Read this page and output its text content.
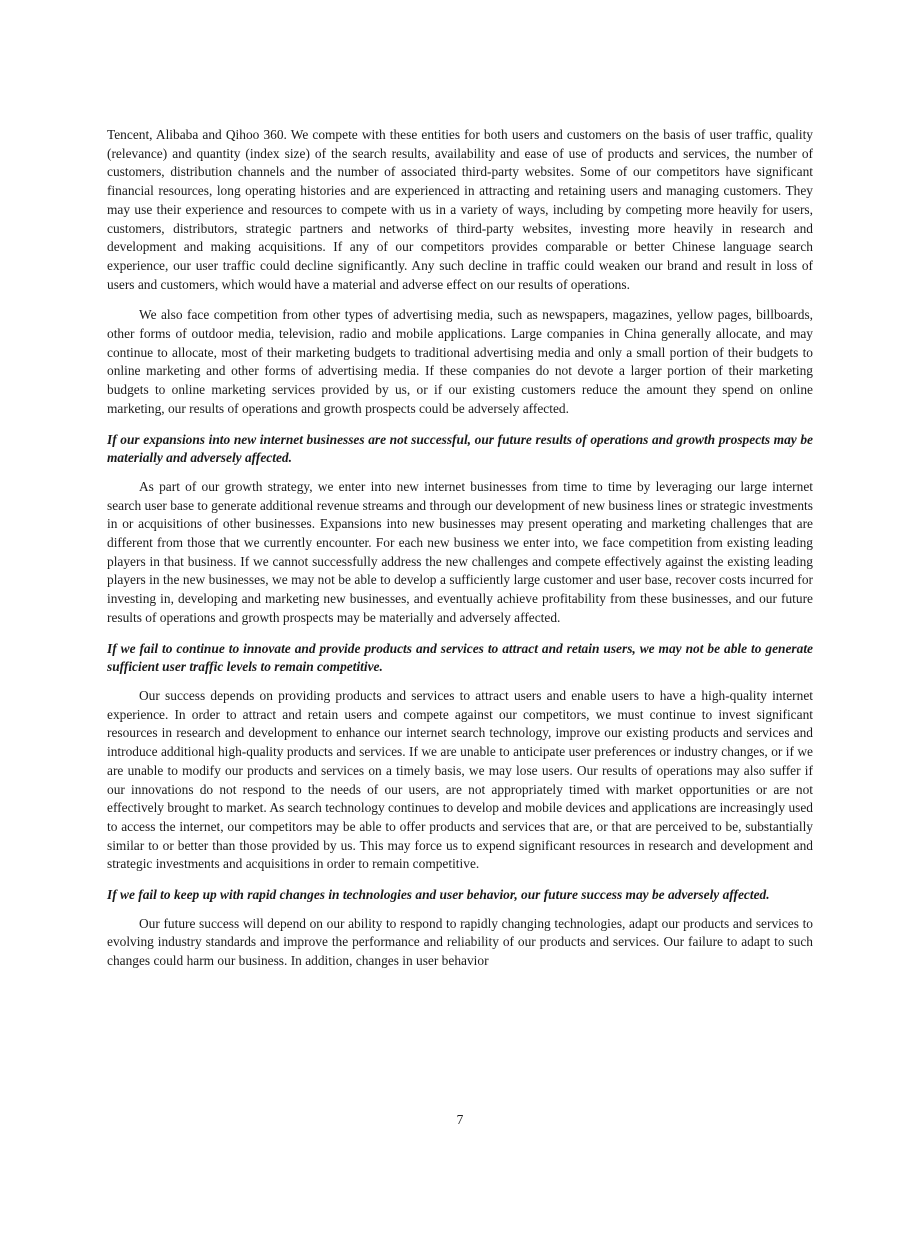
Tencent, Alibaba and Qihoo 360. We compete with these entities for both users and customers on the basis of user traffic, quality (relevance) and quantity (index size) of the search results, availability and ease of use of products and services, the number of customers, distribution channels and the number of associated third-party websites. Some of our competitors have significant financial resources, long operating histories and are experienced in attracting and retaining users and managing customers. They may use their experience and resources to compete with us in a variety of ways, including by competing more heavily for users, customers, distributors, strategic partners and networks of third-party websites, investing more heavily in research and development and making acquisitions. If any of our competitors provides comparable or better Chinese language search experience, our user traffic could decline significantly. Any such decline in traffic could weaken our brand and result in loss of users and customers, which would have a material and adverse effect on our results of operations.

We also face competition from other types of advertising media, such as newspapers, magazines, yellow pages, billboards, other forms of outdoor media, television, radio and mobile applications. Large companies in China generally allocate, and may continue to allocate, most of their marketing budgets to traditional advertising media and only a small portion of their budgets to online marketing and other forms of advertising media. If these companies do not devote a larger portion of their marketing budgets to online marketing services provided by us, or if our existing customers reduce the amount they spend on online marketing, our results of operations and growth prospects could be adversely affected.

If our expansions into new internet businesses are not successful, our future results of operations and growth prospects may be materially and adversely affected.

As part of our growth strategy, we enter into new internet businesses from time to time by leveraging our large internet search user base to generate additional revenue streams and through our development of new business lines or strategic investments in or acquisitions of other businesses. Expansions into new businesses may present operating and marketing challenges that are different from those that we currently encounter. For each new business we enter into, we face competition from existing leading players in that business. If we cannot successfully address the new challenges and compete effectively against the existing leading players in the new businesses, we may not be able to develop a sufficiently large customer and user base, recover costs incurred for investing in, developing and marketing new businesses, and eventually achieve profitability from these businesses, and our future results of operations and growth prospects may be materially and adversely affected.

If we fail to continue to innovate and provide products and services to attract and retain users, we may not be able to generate sufficient user traffic levels to remain competitive.

Our success depends on providing products and services to attract users and enable users to have a high-quality internet experience. In order to attract and retain users and compete against our competitors, we must continue to invest significant resources in research and development to enhance our internet search technology, improve our existing products and services and introduce additional high-quality products and services. If we are unable to anticipate user preferences or industry changes, or if we are unable to modify our products and services on a timely basis, we may lose users. Our results of operations may also suffer if our innovations do not respond to the needs of our users, are not appropriately timed with market opportunities or are not effectively brought to market. As search technology continues to develop and mobile devices and applications are increasingly used to access the internet, our competitors may be able to offer products and services that are, or that are perceived to be, substantially similar to or better than those provided by us. This may force us to expend significant resources in research and development and strategic investments and acquisitions in order to remain competitive.

If we fail to keep up with rapid changes in technologies and user behavior, our future success may be adversely affected.

Our future success will depend on our ability to respond to rapidly changing technologies, adapt our products and services to evolving industry standards and improve the performance and reliability of our products and services. Our failure to adapt to such changes could harm our business. In addition, changes in user behavior

7
